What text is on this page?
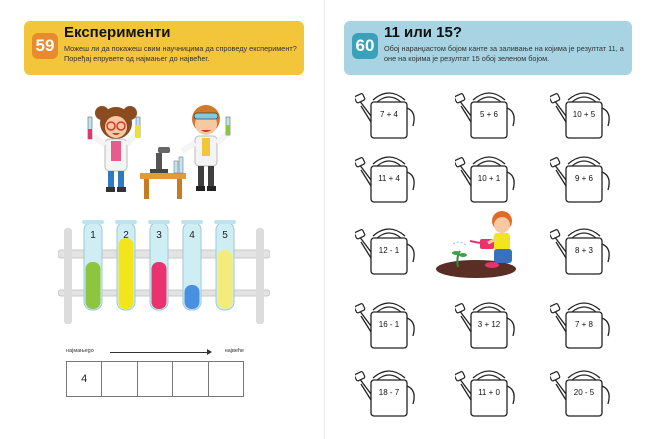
59
Експерименти
Можеш ли да покажеш свим научницима да спроведу експеримент? Поређај епрувете од најмањег до највећег.
1	2	3	4	5
најмањеgo	највеће
4
60
11 или 15?
Обој наранџастом бојом канте за заливање на којима је резултат 11, а оне на којима је резултат 15 обој зеленом бојом.
7 + 4	5 + 6	10 + 5
11 + 4	10 + 1	9 + 6
12 - 1	8 + 3
16 - 1	3 + 12	7 + 8
18 - 7	11 + 0	20 - 5
